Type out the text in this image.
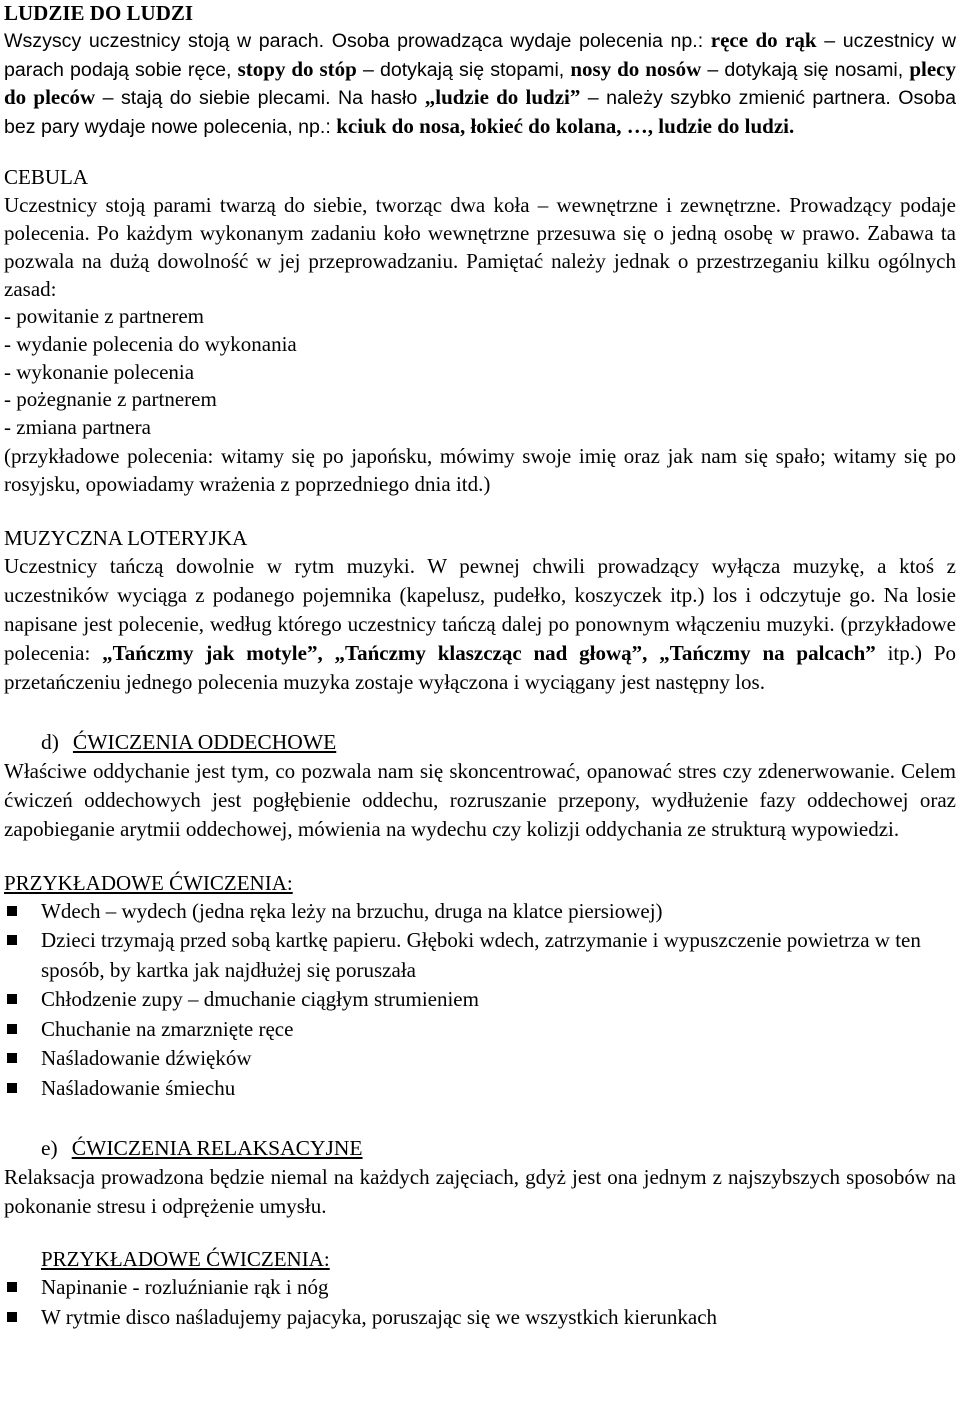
LUDZIE DO LUDZI

Wszyscy uczestnicy stoją w parach. Osoba prowadząca wydaje polecenia np.: ręce do rąk – uczestnicy w parach podają sobie ręce, stopy do stóp – dotykają się stopami, nosy do nosów – dotykają się nosami, plecy do pleców – stają do siebie plecami. Na hasło „ludzie do ludzi” – należy szybko zmienić partnera. Osoba bez pary wydaje nowe polecenia, np.: kciuk do nosa, łokieć do kolana, …, ludzie do ludzi.

CEBULA

Uczestnicy stoją parami twarzą do siebie, tworząc dwa koła – wewnętrzne i zewnętrzne. Prowadzący podaje polecenia. Po każdym wykonanym zadaniu koło wewnętrzne przesuwa się o jedną osobę w prawo. Zabawa ta pozwala na dużą dowolność w jej przeprowadzaniu. Pamiętać należy jednak o przestrzeganiu kilku ogólnych zasad:

- powitanie z partnerem

- wydanie polecenia do wykonania

- wykonanie polecenia

- pożegnanie z partnerem

- zmiana partnera

(przykładowe polecenia: witamy się po japońsku, mówimy swoje imię oraz jak nam się spało; witamy się po rosyjsku, opowiadamy wrażenia z poprzedniego dnia itd.)

MUZYCZNA LOTERYJKA

Uczestnicy tańczą dowolnie w rytm muzyki. W pewnej chwili prowadzący wyłącza muzykę, a ktoś z uczestników wyciąga z podanego pojemnika (kapelusz, pudełko, koszyczek itp.) los i odczytuje go. Na losie napisane jest polecenie, według którego uczestnicy tańczą dalej po ponownym włączeniu muzyki. (przykładowe polecenia: „Tańczmy jak motyle”, „Tańczmy klaszcząc nad głową”, „Tańczmy na palcach” itp.) Po przetańczeniu jednego polecenia muzyka zostaje wyłączona i wyciągany jest następny los.

d) ĆWICZENIA ODDECHOWE

Właściwe oddychanie jest tym, co pozwala nam się skoncentrować, opanować stres czy zdenerwowanie. Celem ćwiczeń oddechowych jest pogłębienie oddechu, rozruszanie przepony, wydłużenie fazy oddechowej oraz zapobieganie arytmii oddechowej, mówienia na wydechu czy kolizji oddychania ze strukturą wypowiedzi.

PRZYKŁADOWE ĆWICZENIA:

Wdech – wydech (jedna ręka leży na brzuchu, druga na klatce piersiowej)
Dzieci trzymają przed sobą kartkę papieru. Głęboki wdech, zatrzymanie i wypuszczenie powietrza w ten sposób, by kartka jak najdłużej się poruszała
Chłodzenie zupy – dmuchanie ciągłym strumieniem
Chuchanie na zmarznięte ręce
Naśladowanie dźwięków
Naśladowanie śmiechu

e) ĆWICZENIA RELAKSACYJNE

Relaksacja prowadzona będzie niemal na każdych zajęciach, gdyż jest ona jednym z najszybszych sposobów na pokonanie stresu i odprężenie umysłu.

PRZYKŁADOWE ĆWICZENIA:

Napinanie - rozluźnianie rąk i nóg
W rytmie disco naśladujemy pajacyka, poruszając się we wszystkich kierunkach
